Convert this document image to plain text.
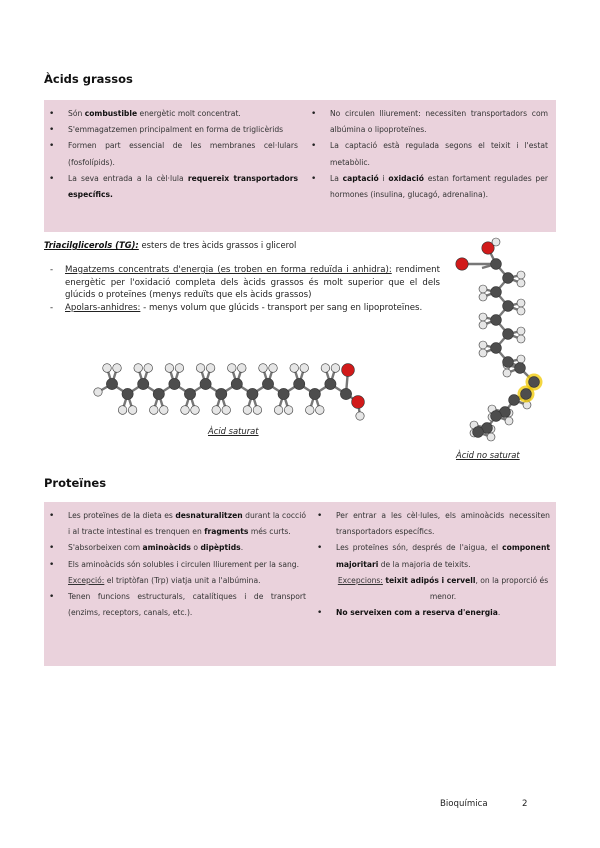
Àcids grassos
• Són combustible energètic molt concentrat.
• S'emmagatzemen principalment en forma de triglicèrids
• Formen part essencial de les membranes cel·lulars (fosfolípids).
• La seva entrada a la cèl·lula requereix transportadors específics.
• No circulen lliurement: necessiten transportadors com albúmina o lipoproteïnes.
• La captació està regulada segons el teixit i l'estat metabòlic.
• La captació i oxidació estan fortament regulades per hormones (insulina, glucagó, adrenalina).
Triacilglicerols (TG): esters de tres àcids grassos i glicerol
- Magatzems concentrats d'energia (es troben en forma reduïda i anhidra): rendiment energètic per l'oxidació completa dels àcids grassos és molt superior que el dels glúcids o proteïnes (menys reduïts que els àcids grassos)
- Apolars-anhidres: - menys volum que glúcids - transport per sang en lipoproteïnes.
Àcid saturat
Àcid no saturat
Proteïnes
• Les proteïnes de la dieta es desnaturalitzen durant la cocció i al tracte intestinal es trenquen en fragments més curts.
• S'absorbeixen com aminoàcids o dipèptids.
• Els aminoàcids són solubles i circulen lliurement per la sang.
Excepció: el triptòfan (Trp) viatja unit a l'albúmina.
• Tenen funcions estructurals, catalítiques i de transport (enzims, receptors, canals, etc.).
• Per entrar a les cèl·lules, els aminoàcids necessiten transportadors específics.
• Les proteïnes són, després de l'aigua, el component majoritari de la majoria de teixits.
Excepcions: teixit adipós i cervell, on la proporció és menor.
• No serveixen com a reserva d'energia.
Bioquímica	2
